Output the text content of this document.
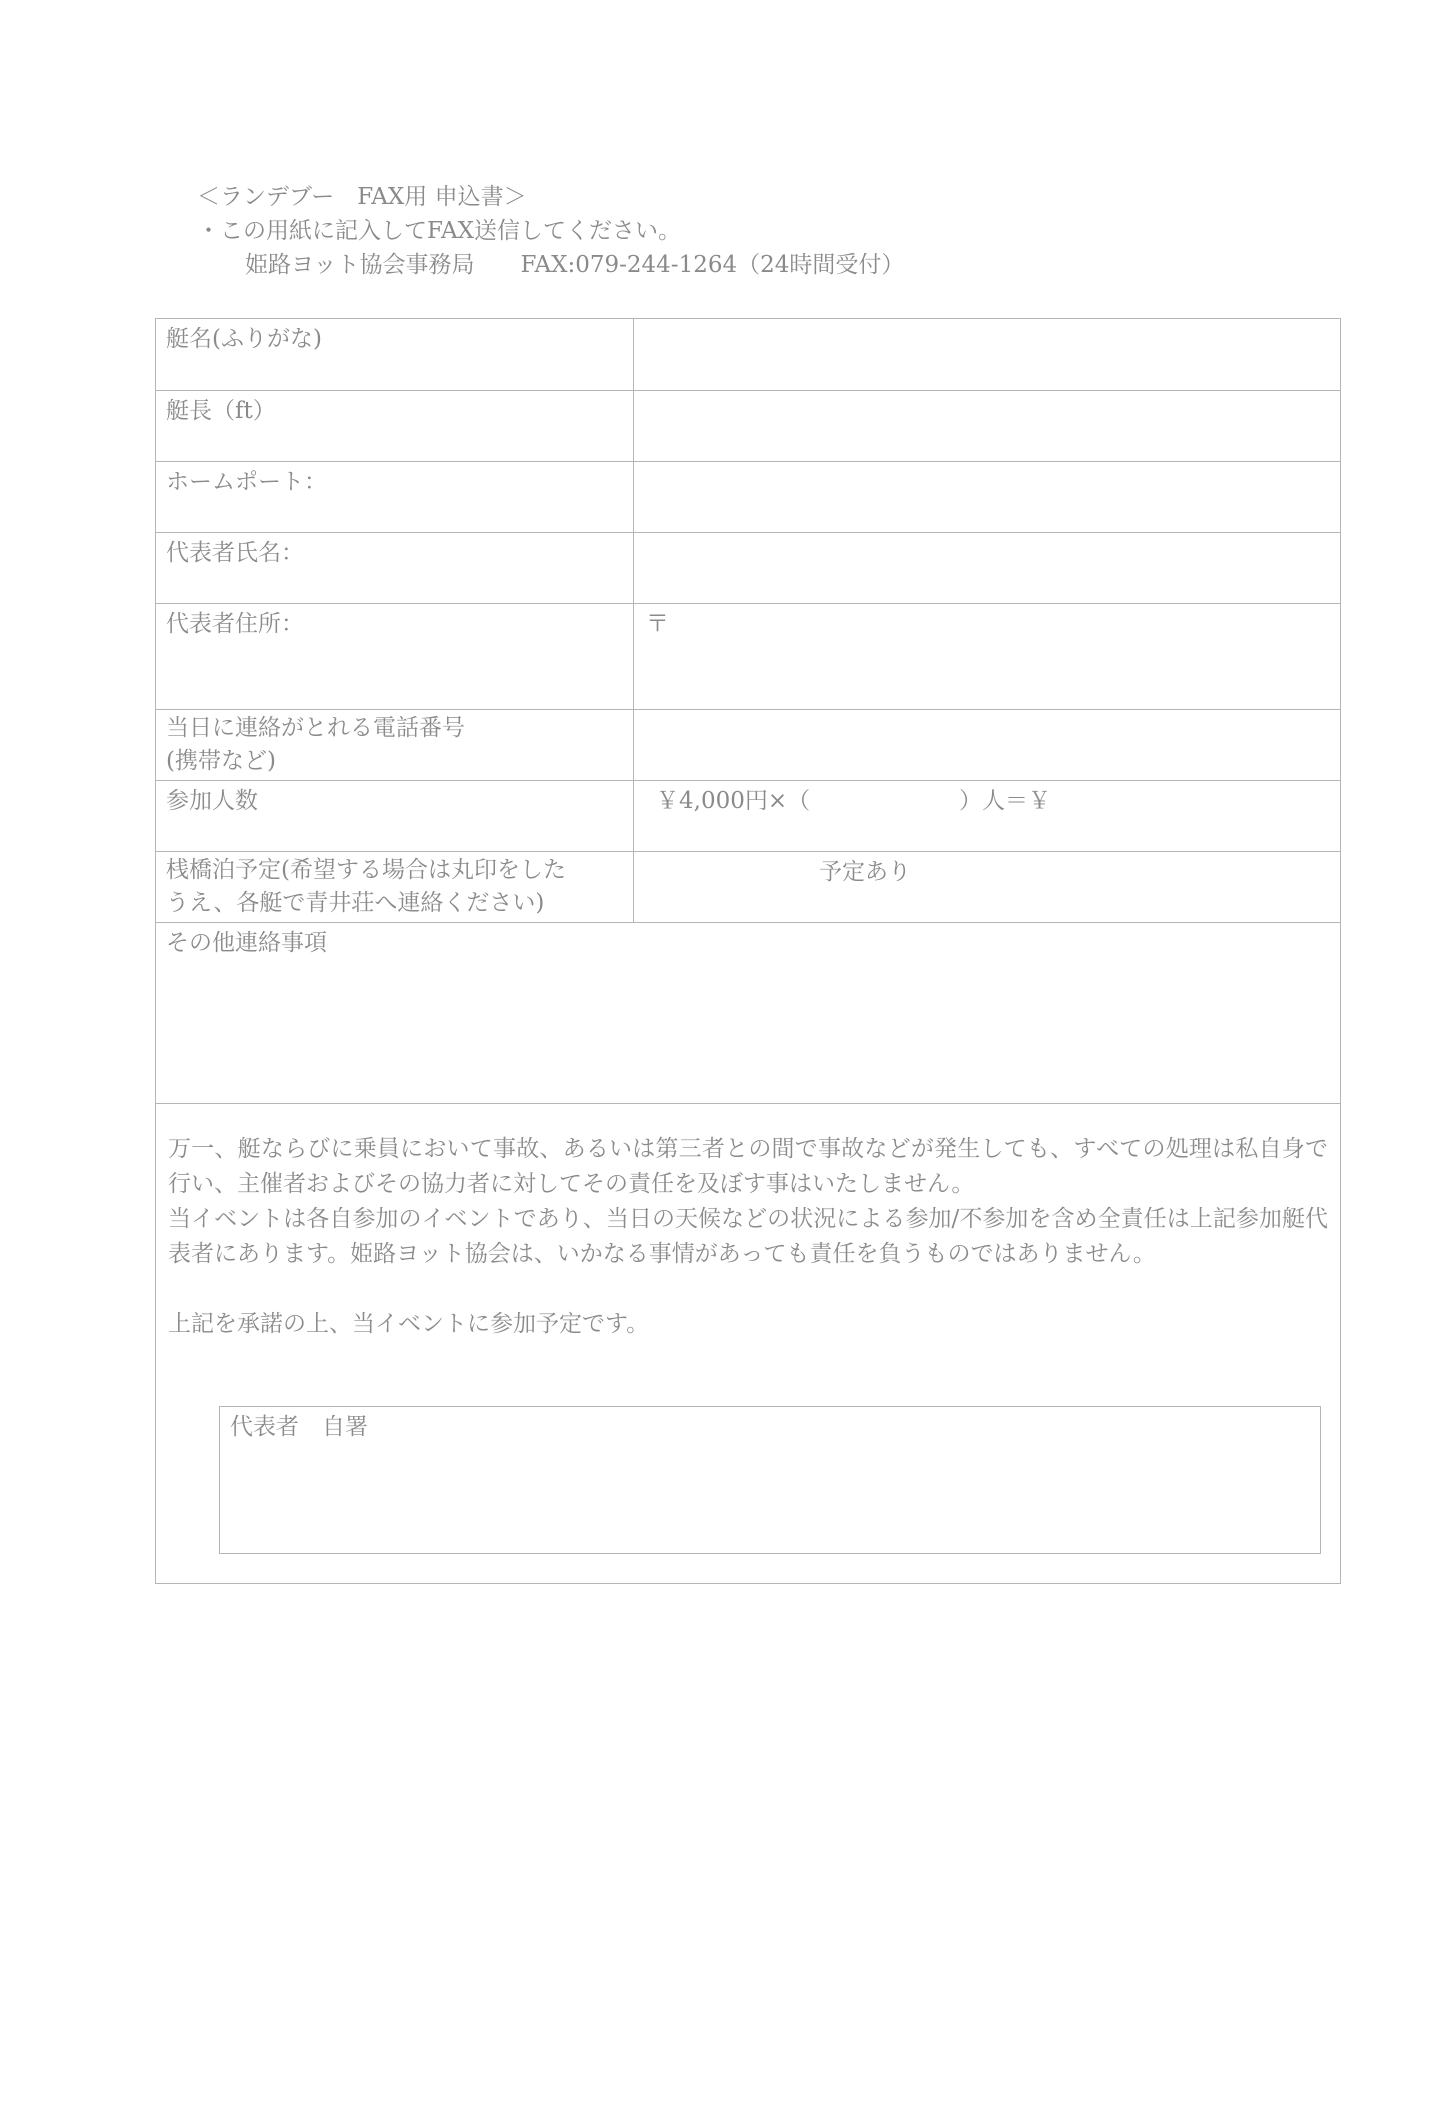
＜ランデブー　FAX用 申込書＞
・この用紙に記入してFAX送信してください。
姫路ヨット協会事務局 FAX:079-244-1264（24時間受付）
艇名(ふりがな)
艇長（ft）
ホームポート：
代表者氏名：
代表者住所：	〒
当日に連絡がとれる電話番号
(携帯など)
参加人数	￥4,000円×（	）人＝￥
桟橋泊予定(希望する場合は丸印をした
うえ、各艇で青井荘へ連絡ください)
予定あり
その他連絡事項

万一、艇ならびに乗員において事故、あるいは第三者との間で事故などが発生しても、すべての処理は私自身で行い、主催者およびその協力者に対してその責任を及ぼす事はいたしません。

当イベントは各自参加のイベントであり、当日の天候などの状況による参加/不参加を含め全責任は上記参加艇代表者にあります。姫路ヨット協会は、いかなる事情があっても責任を負うものではありません。

上記を承諾の上、当イベントに参加予定です。

代表者　自署
